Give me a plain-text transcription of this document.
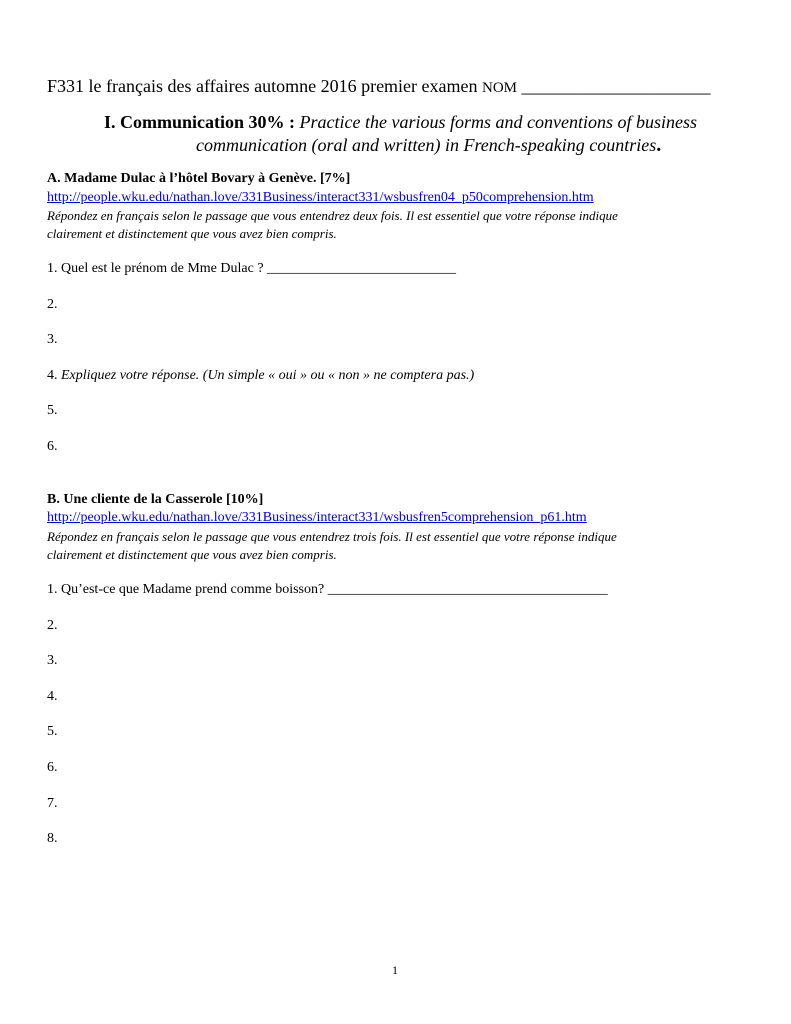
F331 le français des affaires automne 2016 premier examen NOM _____________________
I. Communication 30% : Practice the various forms and conventions of business
communication (oral and written) in French-speaking countries.
A. Madame Dulac à l’hôtel Bovary à Genève. [7%]
http://people.wku.edu/nathan.love/331Business/interact331/wsbusfren04_p50comprehension.htm
Répondez en français selon le passage que vous entendrez deux fois. Il est essentiel que votre réponse indique
clairement et distinctement que vous avez bien compris.
1. Quel est le prénom de Mme Dulac ? ___________________________
2.
3.
4. Expliquez votre réponse. (Un simple « oui » ou « non » ne comptera pas.)
5.
6.
B. Une cliente de la Casserole [10%]
http://people.wku.edu/nathan.love/331Business/interact331/wsbusfren5comprehension_p61.htm
Répondez en français selon le passage que vous entendrez trois fois. Il est essentiel que votre réponse indique
clairement et distinctement que vous avez bien compris.
1. Qu’est-ce que Madame prend comme boisson? ________________________________________
2.
3.
4.
5.
6.
7.
8.
1
